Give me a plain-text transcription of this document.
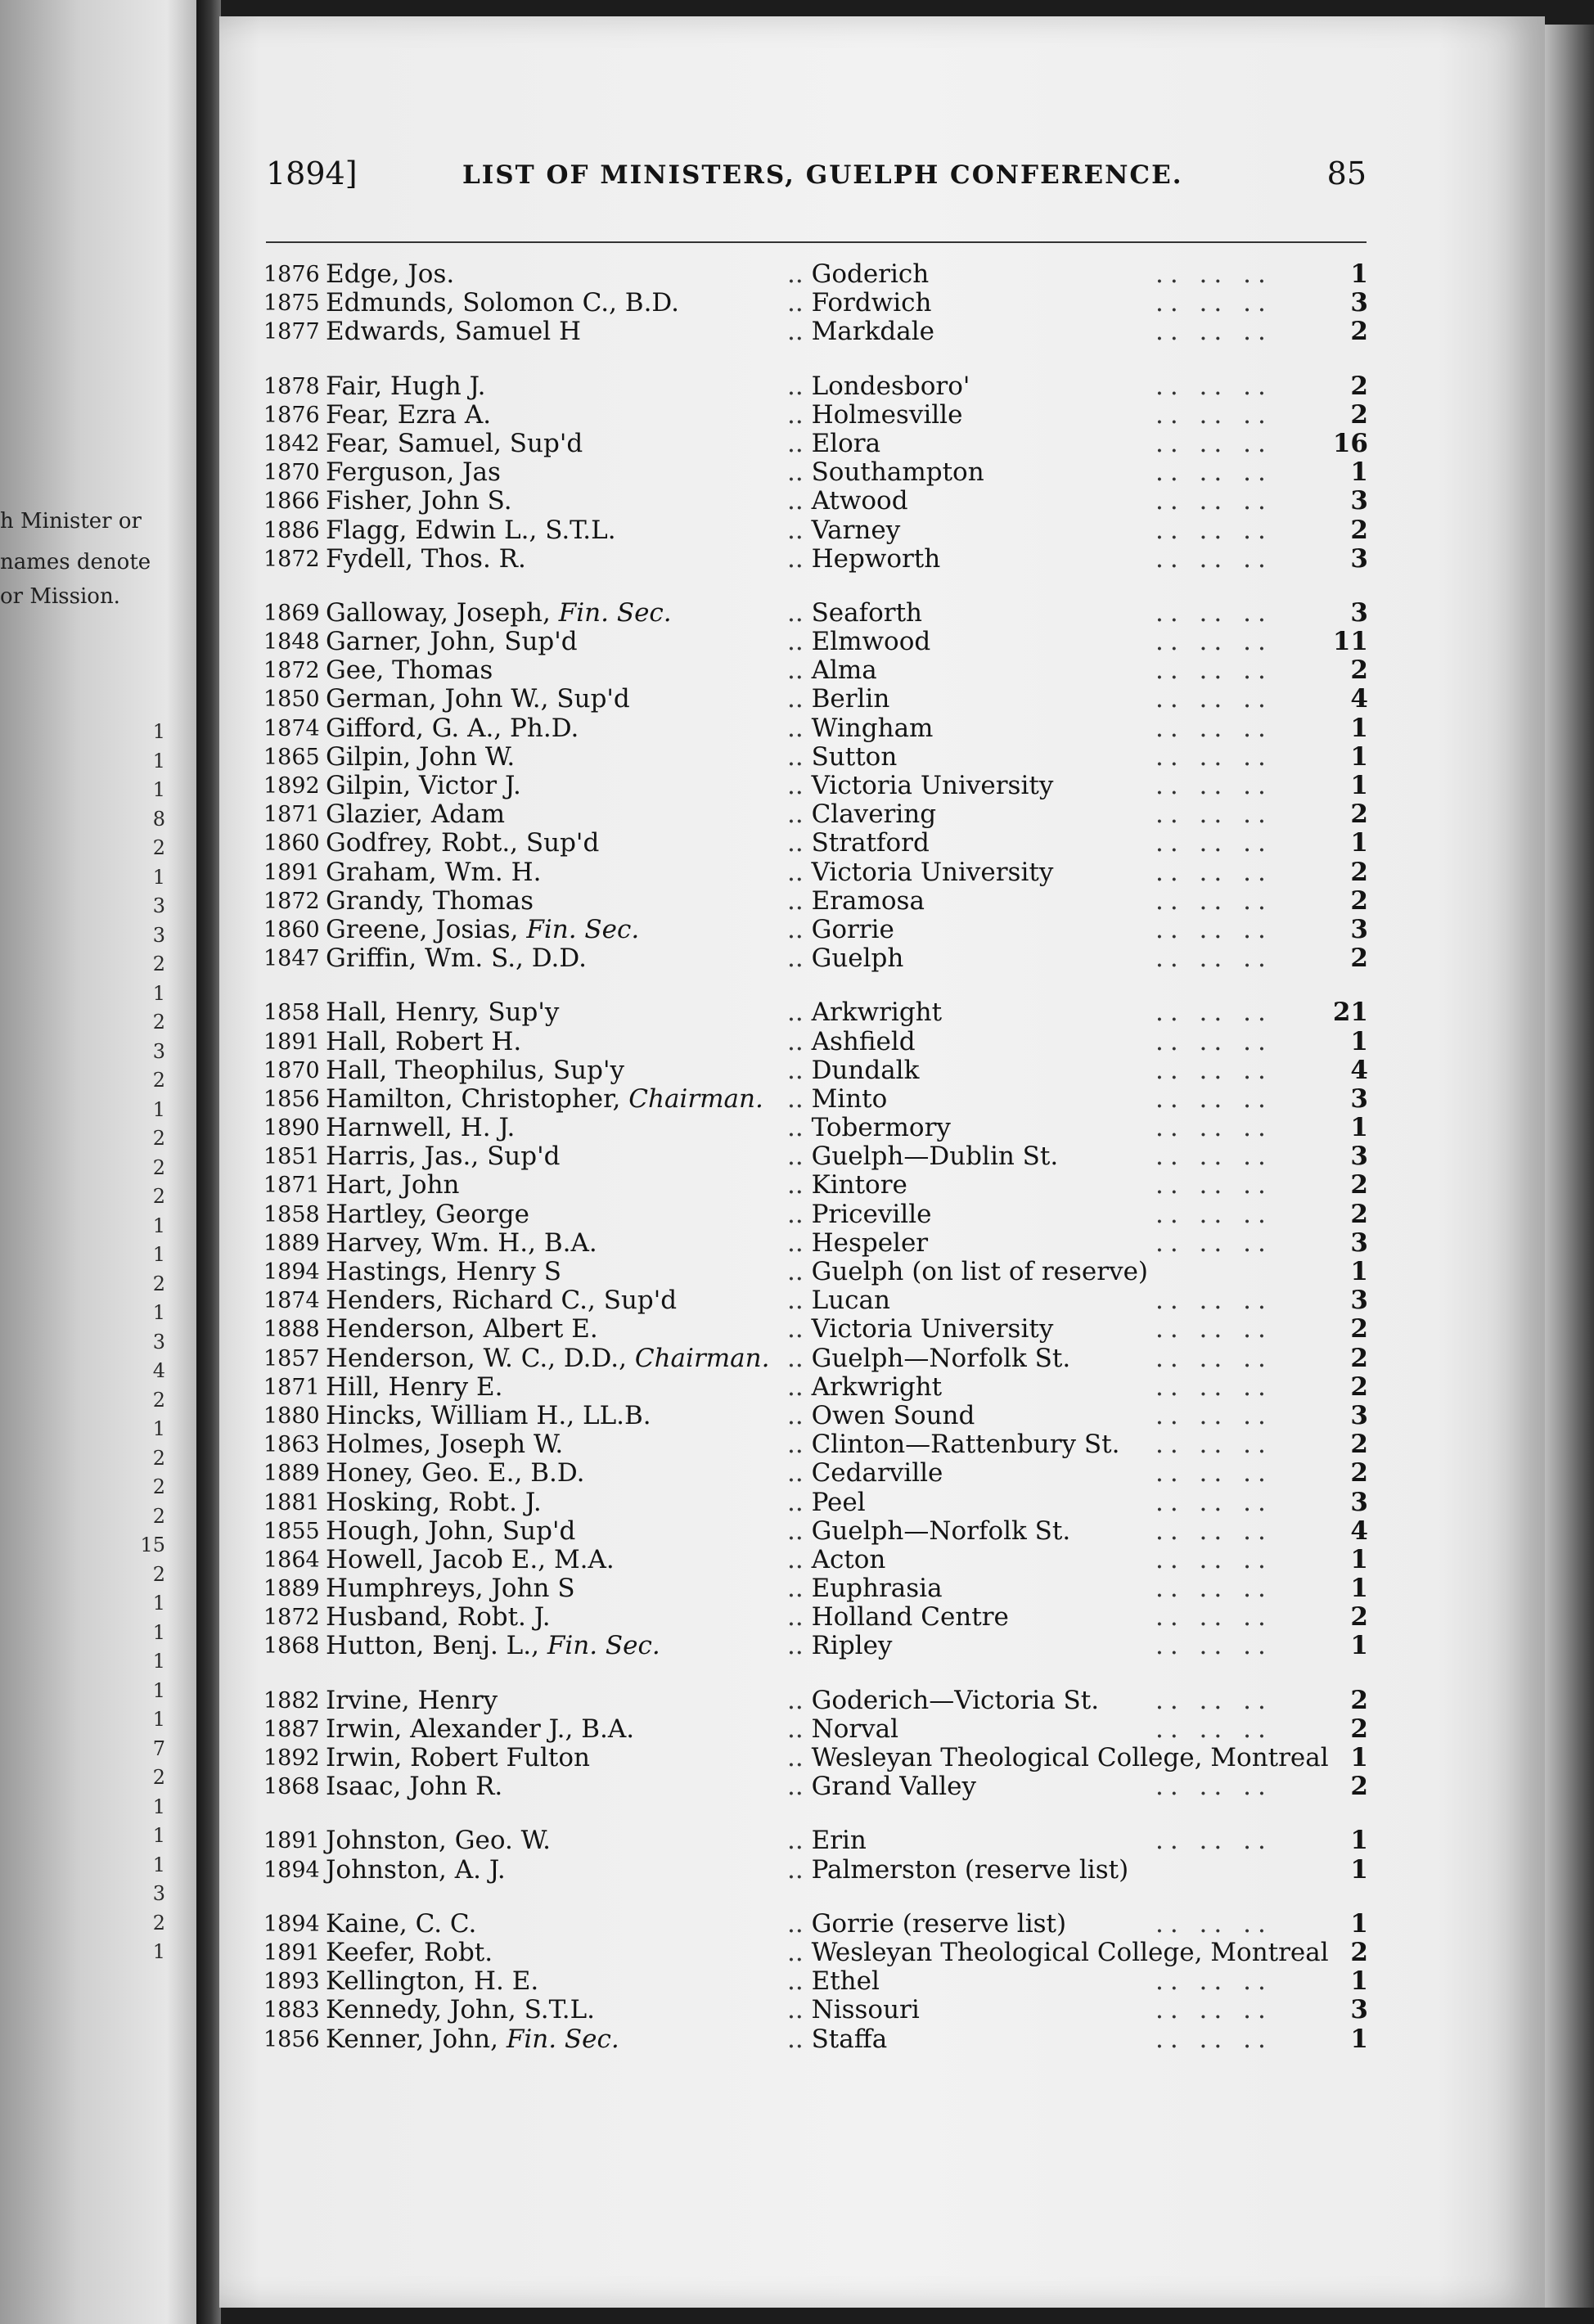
h Minister or
names denote
or Mission.
1
1
1
8
2
1
3
3
2
1
2
3
2
1
2
2
2
1
1
2
1
3
4
2
1
2
2
2
15
2
1
1
1
1
1
7
2
1
1
1
3
2
1
1894]	LIST OF MINISTERS, GUELPH CONFERENCE.	85
1876 Edge, Jos.	.. Goderich	.. .. ..	1
1875 Edmunds, Solomon C., B.D.	.. Fordwich	.. .. ..	3
1877 Edwards, Samuel H	.. Markdale	.. .. ..	2
1878 Fair, Hugh J.	.. Londesboro'	.. .. ..	2
1876 Fear, Ezra A.	.. Holmesville	.. .. ..	2
1842 Fear, Samuel, Sup'd	.. Elora	.. .. ..	16
1870 Ferguson, Jas	.. Southampton	.. .. ..	1
1866 Fisher, John S.	.. Atwood	.. .. ..	3
1886 Flagg, Edwin L., S.T.L.	.. Varney	.. .. ..	2
1872 Fydell, Thos. R.	.. Hepworth	.. .. ..	3
1869 Galloway, Joseph, Fin. Sec.	.. Seaforth	.. .. ..	3
1848 Garner, John, Sup'd	.. Elmwood	.. .. ..	11
1872 Gee, Thomas	.. Alma	.. .. ..	2
1850 German, John W., Sup'd	.. Berlin	.. .. ..	4
1874 Gifford, G. A., Ph.D.	.. Wingham	.. .. ..	1
1865 Gilpin, John W.	.. Sutton	.. .. ..	1
1892 Gilpin, Victor J.	.. Victoria University	.. .. ..	1
1871 Glazier, Adam	.. Clavering	.. .. ..	2
1860 Godfrey, Robt., Sup'd	.. Stratford	.. .. ..	1
1891 Graham, Wm. H.	.. Victoria University	.. .. ..	2
1872 Grandy, Thomas	.. Eramosa	.. .. ..	2
1860 Greene, Josias, Fin. Sec.	.. Gorrie	.. .. ..	3
1847 Griffin, Wm. S., D.D.	.. Guelph	.. .. ..	2
1858 Hall, Henry, Sup'y	.. Arkwright	.. .. ..	21
1891 Hall, Robert H.	.. Ashfield	.. .. ..	1
1870 Hall, Theophilus, Sup'y	.. Dundalk	.. .. ..	4
1856 Hamilton, Christopher, Chairman.	.. Minto	.. .. ..	3
1890 Harnwell, H. J.	.. Tobermory	.. .. ..	1
1851 Harris, Jas., Sup'd	.. Guelph—Dublin St.	.. .. ..	3
1871 Hart, John	.. Kintore	.. .. ..	2
1858 Hartley, George	.. Priceville	.. .. ..	2
1889 Harvey, Wm. H., B.A.	.. Hespeler	.. .. ..	3
1894 Hastings, Henry S	.. Guelph (on list of reserve)	1
1874 Henders, Richard C., Sup'd	.. Lucan	.. .. ..	3
1888 Henderson, Albert E.	.. Victoria University	.. .. ..	2
1857 Henderson, W. C., D.D., Chairman.	.. Guelph—Norfolk St.	.. .. ..	2
1871 Hill, Henry E.	.. Arkwright	.. .. ..	2
1880 Hincks, William H., LL.B.	.. Owen Sound	.. .. ..	3
1863 Holmes, Joseph W.	.. Clinton—Rattenbury St. .. .. ..	2
1889 Honey, Geo. E., B.D.	.. Cedarville	.. .. ..	2
1881 Hosking, Robt. J.	.. Peel	.. .. ..	3
1855 Hough, John, Sup'd	.. Guelph—Norfolk St.	.. .. ..	4
1864 Howell, Jacob E., M.A.	.. Acton	.. .. ..	1
1889 Humphreys, John S	.. Euphrasia	.. .. ..	1
1872 Husband, Robt. J.	.. Holland Centre	.. .. ..	2
1868 Hutton, Benj. L., Fin. Sec.	.. Ripley	.. .. ..	1
1882 Irvine, Henry	.. Goderich—Victoria St. .. .. ..	2
1887 Irwin, Alexander J., B.A.	.. Norval	.. .. ..	2
1892 Irwin, Robert Fulton	.. Wesleyan Theological College, Montreal 1
1868 Isaac, John R.	.. Grand Valley	.. .. ..	2
1891 Johnston, Geo. W.	.. Erin	.. .. ..	1
1894 Johnston, A. J.	.. Palmerston (reserve list)	1
1894 Kaine, C. C.	.. Gorrie (reserve list)	.. .. ..	1
1891 Keefer, Robt.	.. Wesleyan Theological College, Montreal 2
1893 Kellington, H. E.	.. Ethel	.. .. ..	1
1883 Kennedy, John, S.T.L.	.. Nissouri	.. .. ..	3
1856 Kenner, John, Fin. Sec.	.. Staffa	.. .. ..	1
